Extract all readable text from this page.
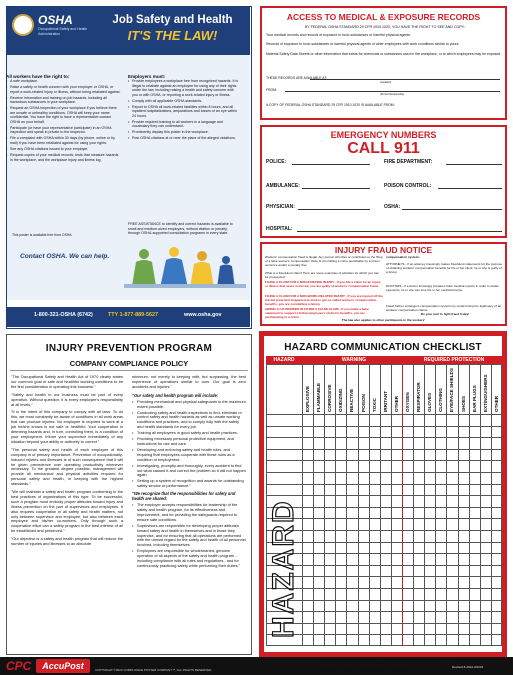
OSHA
Occupational Safety and Health Administration
Job Safety and Health
IT'S THE LAW!
All workers have the right to:
• A safe workplace.
• Raise a safety or health concern with your employer or OSHA, or report a work-related injury or illness, without being retaliated against.
• Receive information and training on job hazards, including all hazardous substances in your workplace.
• Request an OSHA inspection of your workplace if you believe there are unsafe or unhealthy conditions. OSHA will keep your name confidential. You have the right to have a representative contact OSHA on your behalf.
• Participate (or have your representative participate) in an OSHA inspection and speak in private to the inspector.
• File a complaint with OSHA within 30 days (by phone, online or by mail) if you have been retaliated against for using your rights.
• See any OSHA citations issued to your employer.
• Request copies of your medical records, tests that measure hazards in the workplace, and the workplace injury and illness log.
Employers must:
• Provide employees a workplace free from recognized hazards. It is illegal to retaliate against an employee for using any of their rights under the law, including raising a health and safety concern with you or with OSHA, or reporting a work-related injury or illness.
• Comply with all applicable OSHA standards.
• Report to OSHA all work-related fatalities within 8 hours, and all inpatient hospitalizations, amputations and losses of an eye within 24 hours.
• Provide required training to all workers in a language and vocabulary they can understand.
• Prominently display this poster in the workplace.
• Post OSHA citations at or near the place of the alleged violations.
FREE ASSISTANCE to identify and correct hazards is available to small and medium-sized employers, without citation or penalty, through OSHA-supported consultation programs in every state.
This poster is available free from OSHA.
Contact OSHA. We can help.
1-800-321-OSHA (6742)	TTY 1-877-889-5627	www.osha.gov
ACCESS TO MEDICAL & EXPOSURE RECORDS
BY FEDERAL OSHA STANDARD 29 CFR 1910.1020, YOU HAVE THE RIGHT TO SEE AND COPY:
Your medical records and records of exposure to toxic substances or harmful physical agents.
Records of exposure to toxic substances or harmful physical agents of other employees with work conditions similar to yours.
Material Safety Data Sheets or other information that exists for chemicals or substances used in the workplace, or to which employees may be exposed.
THESE RECORDS ARE AVAILABLE AT:
(Location)
FROM:
(Person Responsible)
A COPY OF FEDERAL OSHA STANDARD 29 CFR 1910.1020 IS AVAILABLE FROM:
EMERGENCY NUMBERS
CALL 911
POLICE:	FIRE DEPARTMENT:
AMBULANCE:	POISON CONTROL:
PHYSICIAN:	OSHA:
HOSPITAL:
INJURY FRAUD NOTICE
Workers' compensation fraud is illegal. Any person who files or contributes to the filing of a false workers' compensation claim is committing a crime punishable by a prison sentence and/or a penalty fine.
What is a fraudulent claim? Here are some examples of activities for which you can be prosecuted:
FILING A CLAIM FOR A NON-EXISTING INJURY - If you file a claim for an injury or illness that never occurred, you are guilty of workers' compensation fraud.
FILING A CLAIM FOR A NON-WORK-RELATED INJURY - If you are injured off the job but pretend it happened at work to get so-called workers' compensation benefits, you are committing a felony.
AIDING A CO-WORKER IN FILING A FALSE CLAIM - If you make a false statement to support a fellow employee's claim for benefits, you are participating in a crime.
compensation system:
ATTORNEYS - If an attorney knowingly makes fraudulent statements for the purpose of obtaining workers' compensation benefits for his or her client, he or she is guilty of a felony.
DOCTORS - If a doctor knowingly prepares false medical reports in order to obtain payments, he or she can lose his or her medical license.
Fraud further endangers compensation systems by undermining the legitimacy of all workers' compensation claims.
Do your part to fight fraud today!
The law also applies to other participants in the workers'
INJURY PREVENTION PROGRAM
COMPANY COMPLIANCE POLICY
"The Occupational Safety and Health Act of 1970 clearly states our common goal of safe and healthful working conditions to be the first consideration in operating this business."
"Safety and health in our business must be part of every operation. Without question, it is every employee's responsibility at all levels."
"It is the intent of this company to comply with all laws. To do this, we must constantly be aware of conditions in all work areas that can produce injuries. No employee is required to work at a job he/she knows is not safe or healthful. Your cooperation in detecting hazards and, in turn, controlling them, is a condition of your employment. Inform your supervisor immediately of any situation beyond your ability or authority to correct."
"The personal safety and health of each employee of this company is of primary importance. Prevention of occupationally-induced injuries and illnesses is of such consequence that it will be given precedence over operating productivity whenever necessary. To the greatest degree possible, management will provide all mechanical and physical activities required for personal safety and health, in keeping with the highest standards."
"We will maintain a safety and health program conforming to the best practices of organizations of this type. To be successful, such a program must embody proper attitudes toward injury and illness prevention on the part of supervisors and employees. It also requires cooperation in all safety and health matters, not only between supervisor and employee, but also between each employee and his/her co-workers. Only through such a cooperative effort can a safety program in the best interest of all be established and preserved."
"Our objective is a safety and health program that will reduce the number of injuries and illnesses to an absolute
minimum, not merely in keeping with, but surpassing, the best experience of operations similar to ours. Our goal is zero accidents and injuries."
"Our safety and health program will include:
• Providing mechanical and physical safeguards to the maximum extent possible.
• Conducting safety and health inspections to find, eliminate or control safety and health hazards as well as unsafe working conditions and practices, and to comply fully with the safety and health standards for every job.
• Training all employees in good safety and health practices.
• Providing necessary personal protective equipment, and instructions for use and care.
• Developing and enforcing safety and health rules, and requiring that employees cooperate with these rules as a condition of employment.
• Investigating, promptly and thoroughly, every accident to find out what caused it and correct the problem so it will not happen again.
• Setting up a system of recognition and awards for outstanding safety service or performance."
"We recognize that the responsibilities for safety and health are shared:
• The employer accepts responsibilities for leadership of the safety and health program, for its effectiveness and improvement, and for providing the safeguards required to ensure safe conditions.
• Supervisors are responsible for developing proper attitudes toward safety and health in themselves and in those they supervise, and for ensuring that all operations are performed with the utmost regard for the safety and health of all personnel involved, including themselves.
• Employees are responsible for wholehearted, genuine operation of all aspects of the safety and health program - including compliance with all rules and regulations - and for continuously practicing safety while performing their duties."
HAZARD COMMUNICATION CHECKLIST
HAZARD	WARNING	REQUIRED PROTECTION
EXPLOSIVE	FLAMMABLE	CORROSIVE	OXIDIZING	REACTIVE	POISON	TOXIC	IRRITANT	OTHER	OXYGEN	RESPIRATOR	GLOVES	CLOTHING	EYE/FACE SHIELDS	SHOES	EAR PLUGS	EXTINGUISHERS	OTHER
HAZARD
CPC	AccuPost	Compliance Poster Company™
COPYRIGHT ©2022 COMPLIANCE POSTER COMPANY™, ALL RIGHTS RESERVED.
TO REORDER CALL: 1-800-817-7678
WWW.COMPLIANCEPOSTER.COM
PRODUCT # 74261
Revised 8-2022-3/2023
